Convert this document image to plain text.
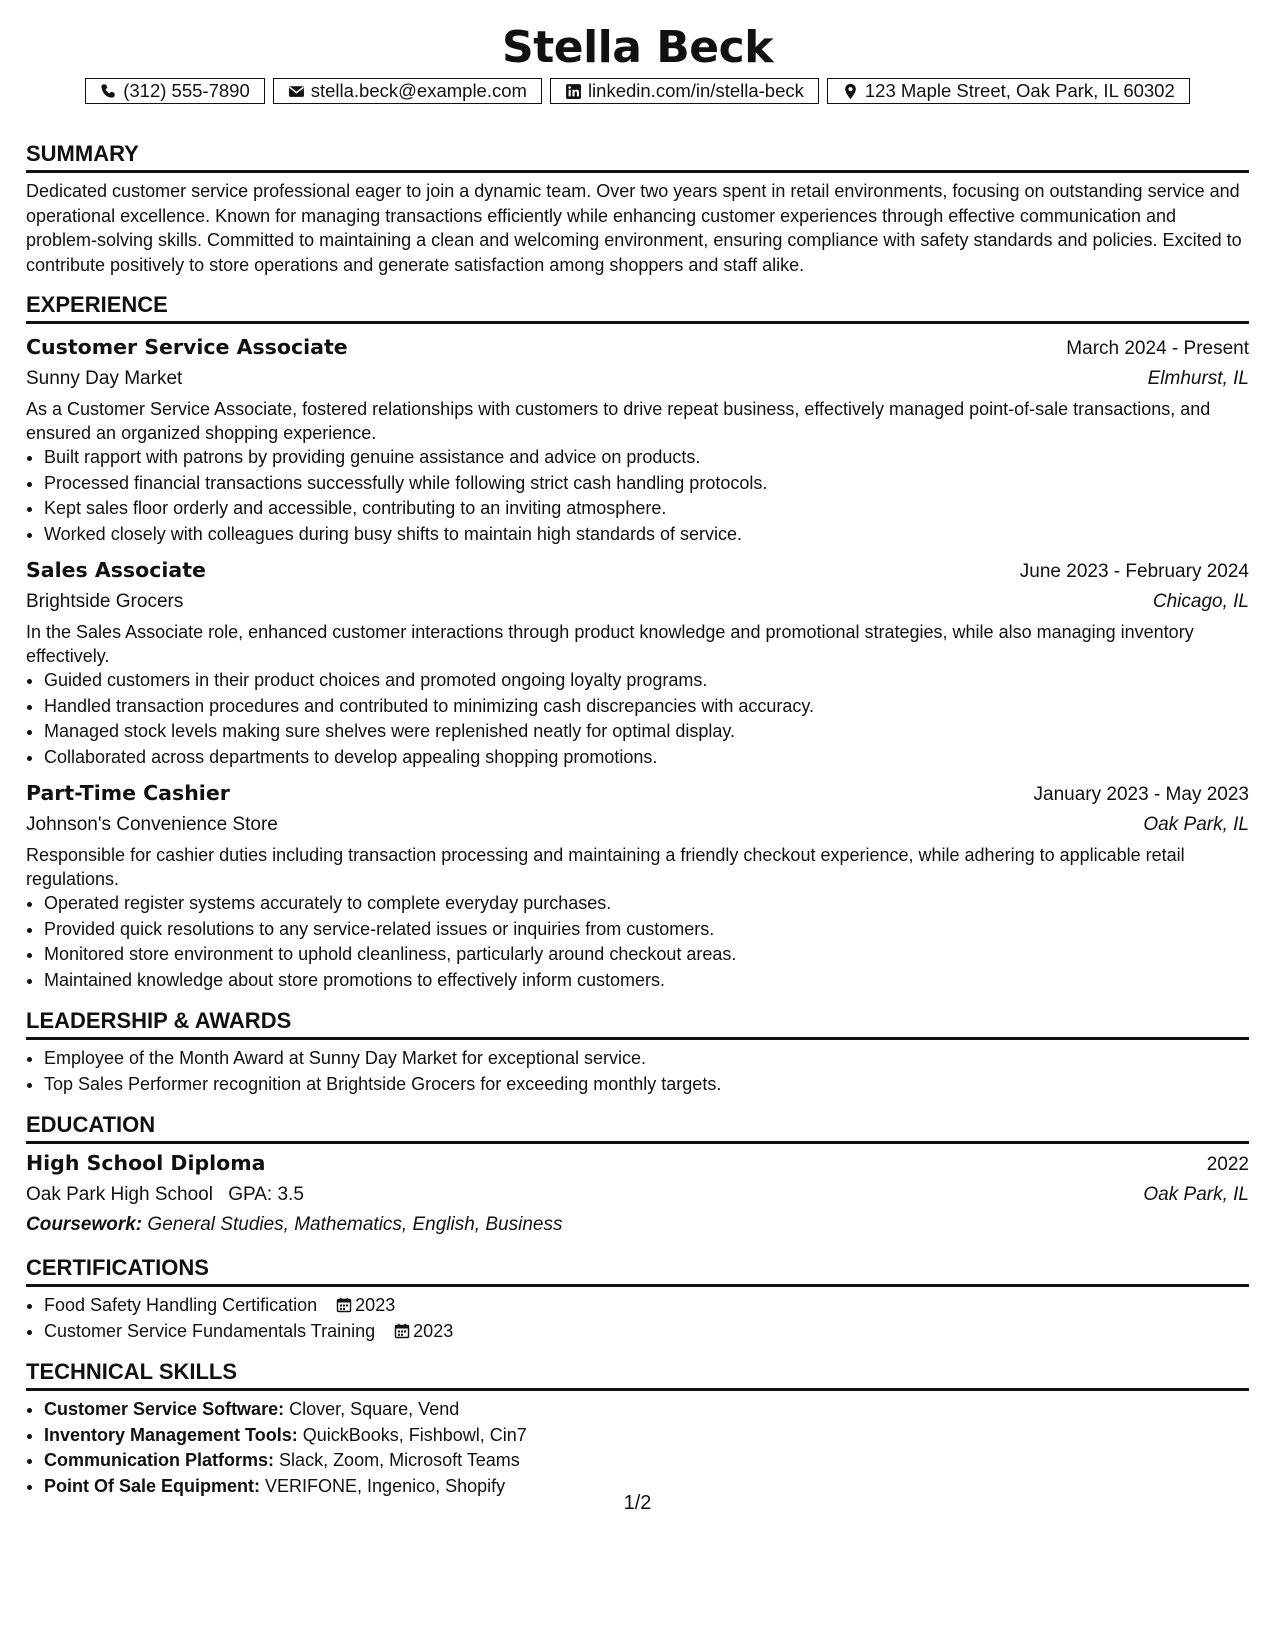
Stella Beck
(312) 555-7890	stella.beck@example.com	linkedin.com/in/stella-beck	123 Maple Street, Oak Park, IL 60302
SUMMARY

Dedicated customer service professional eager to join a dynamic team. Over two years spent in retail environments, focusing on outstanding service and operational excellence. Known for managing transactions efficiently while enhancing customer experiences through effective communication and problem-solving skills. Committed to maintaining a clean and welcoming environment, ensuring compliance with safety standards and policies. Excited to contribute positively to store operations and generate satisfaction among shoppers and staff alike.

EXPERIENCE
Customer Service Associate	March 2024 - Present
Sunny Day Market	Elmhurst, IL

As a Customer Service Associate, fostered relationships with customers to drive repeat business, effectively managed point-of-sale transactions, and ensured an organized shopping experience.

• Built rapport with patrons by providing genuine assistance and advice on products.
• Processed financial transactions successfully while following strict cash handling protocols.
• Kept sales floor orderly and accessible, contributing to an inviting atmosphere.
• Worked closely with colleagues during busy shifts to maintain high standards of service.
Sales Associate	June 2023 - February 2024
Brightside Grocers	Chicago, IL

In the Sales Associate role, enhanced customer interactions through product knowledge and promotional strategies, while also managing inventory effectively.

• Guided customers in their product choices and promoted ongoing loyalty programs.
• Handled transaction procedures and contributed to minimizing cash discrepancies with accuracy.
• Managed stock levels making sure shelves were replenished neatly for optimal display.
• Collaborated across departments to develop appealing shopping promotions.
Part-Time Cashier	January 2023 - May 2023
Johnson's Convenience Store	Oak Park, IL

Responsible for cashier duties including transaction processing and maintaining a friendly checkout experience, while adhering to applicable retail regulations.

• Operated register systems accurately to complete everyday purchases.
• Provided quick resolutions to any service-related issues or inquiries from customers.
• Monitored store environment to uphold cleanliness, particularly around checkout areas.
• Maintained knowledge about store promotions to effectively inform customers.
LEADERSHIP & AWARDS
• Employee of the Month Award at Sunny Day Market for exceptional service.
• Top Sales Performer recognition at Brightside Grocers for exceeding monthly targets.
EDUCATION
High School Diploma	2022
Oak Park High School GPA: 3.5	Oak Park, IL
Coursework: General Studies, Mathematics, English, Business
CERTIFICATIONS
• Food Safety Handling Certification 2023
• Customer Service Fundamentals Training 2023
TECHNICAL SKILLS
• Customer Service Software: Clover, Square, Vend
• Inventory Management Tools: QuickBooks, Fishbowl, Cin7
• Communication Platforms: Slack, Zoom, Microsoft Teams
• Point Of Sale Equipment: VERIFONE, Ingenico, Shopify
1/2
